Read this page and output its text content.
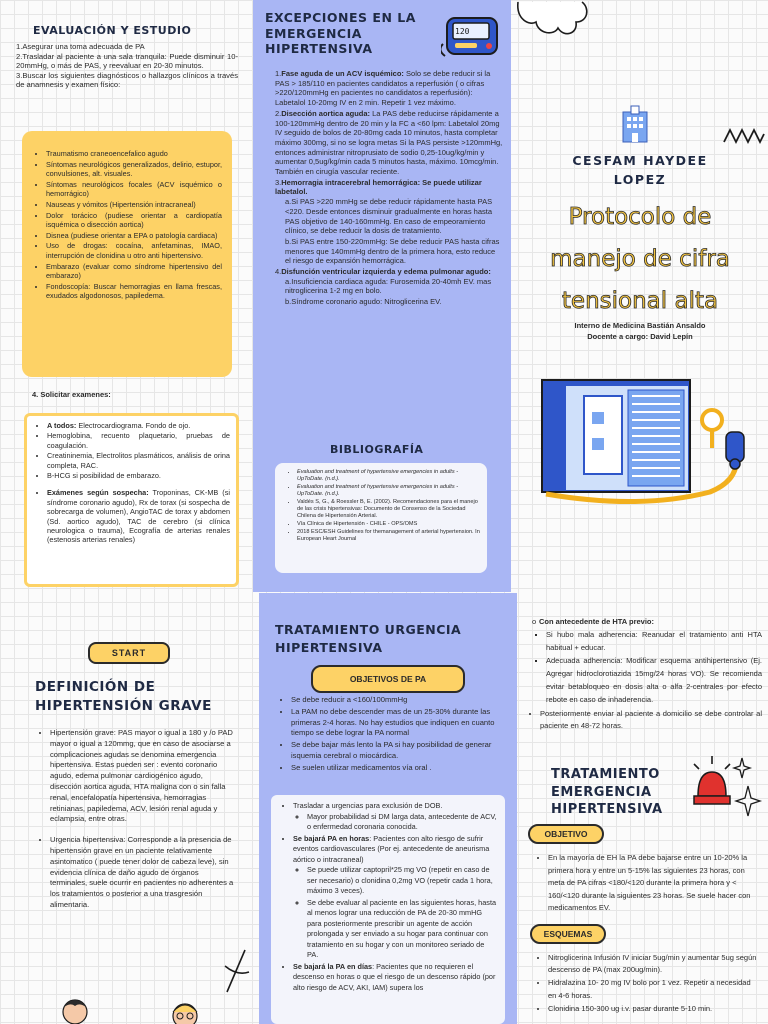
EVALUACIÓN Y ESTUDIO
1.Asegurar una toma adecuada de PA
2.Trasladar al paciente a una sala tranquila: Puede disminuir 10-20mmHg, o más de PAS, y reevaluar en 20-30 minutos.
3.Buscar los siguientes diagnósticos o hallazgos clínicos a través de anamnesis y examen físico:
• Traumatismo craneoencefalico agudo
• Síntomas neurológicos generalizados, delirio, estupor, convulsiones, alt. visuales.
• Síntomas neurológicos focales (ACV isquémico o hemorrágico)
• Nauseas y vómitos (Hipertensión intracraneal)
• Dolor torácico (pudiese orientar a cardiopatía isquémica o disección aortica)
• Disnea (pudiese orientar a EPA o patología cardiaca)
• Uso de drogas: cocaína, anfetaminas, IMAO, interrupción de clonidina u otro anti hipertensivo.
• Embarazo (evaluar como síndrome hipertensivo del embarazo)
• Fondoscopía: Buscar hemorragias en llama frescas, exudados algodonosos, papiledema.
4. Solicitar examenes:
• A todos: Electrocardiograma. Fondo de ojo.
• Hemoglobina, recuento plaquetario, pruebas de coagulación.
• Creatininemia, Electrolitos plasmáticos, análisis de orina completa, RAC.
• B-HCG si posibilidad de embarazo.
• Exámenes según sospecha: Troponinas, CK-MB (si síndrome coronario agudo), Rx de torax (si sospecha de sobrecarga de volumen), AngioTAC de torax y abdomen (Sd. aortico agudo), TAC de cerebro (si clínica neurologica o trauma), Ecografía de arterias renales (estenosis arterias renales)
EXCEPCIONES EN LA EMERGENCIA HIPERTENSIVA
120
1.Fase aguda de un ACV isquémico: Solo se debe reducir si la PAS > 185/110 en pacientes candidatos a reperfusión ( o cifras >220/120mmHg en pacientes no candidatos a reperfusión): Labetalol 10-20mg IV en 2 min. Repetir 1 vez máximo.
2.Disección aortica aguda: La PAS debe reducirse rápidamente a 100-120mmHg dentro de 20 min y la FC a <60 lpm: Labetalol 20mg IV seguido de bolos de 20-80mg cada 10 minutos, hasta completar máximo 300mg, si no se logra metas Si la PAS persiste >120mmHg, entonces administrar nitroprusiato de sodio 0,25-10ug/kg/min y aumentar 0,5ug/kg/min cada 5 minutos hasta, máximo. 10mcg/min. También en cirugía vascular reciente.
3.Hemorragia intracerebral hemorrágica: Se puede utilizar labetalol.
a.Si PAS >220 mmHg se debe reducir rápidamente hasta PAS <220. Desde entonces disminuir gradualmente en horas hasta PAS objetivo de 140-160mmHg. En caso de empeoramiento clínico, se debe reducir la dosis de tratamiento.
b.Si PAS entre 150-220mmHg: Se debe reducir PAS hasta cifras menores que 140mmHg dentro de la primera hora, esto reduce el riesgo de expansión hemorrágica.
4.Disfunción ventricular izquierda y edema pulmonar agudo:
a.Insuficiencia cardiaca aguda: Furosemida 20-40mh EV. mas nitroglicerina 1-2 mg en bolo.
b.Síndrome coronario agudo: Nitroglicerina EV.
BIBLIOGRAFÍA
• Evaluation and treatment of hypertensive emergencies in adults - UpToDate. (n.d.).
• Evaluation and treatment of hypertensive emergencies in adults - UpToDate. (n.d.).
• Valdés S, G., & Roessler B, E. (2002). Recomendaciones para el manejo de las crisis hipertensivas: Documento de Consenso de la Sociedad Chilena de Hipertensión Arterial.
• Vía Clínica de Hipertensión - CHILE - OPS/OMS
• 2018 ESC/ESH Guidelines for themanagement of arterial hypertension. In European Heart Journal
CESFAM HAYDEE LOPEZ
Protocolo de
manejo de cifra
tensional alta
Interno de Medicina Bastián Ansaldo
Docente a cargo: David Lepín
START
DEFINICIÓN DE HIPERTENSIÓN GRAVE
• Hipertensión grave: PAS mayor o igual a 180 y /o PAD mayor o igual a 120mmg, que en caso de asociarse a complicaciones agudas se denomina emergencia hipertensiva. Estas pueden ser : evento coronario agudo, edema pulmonar cardiogénico agudo, disección aortica aguda, HTA maligna con o sin falla renal, encefalopatía hipertensiva, hemorragias retinianas, papiledema, ACV, lesión renal aguda y eclampsia, entre otras.
• Urgencia hipertensiva: Corresponde a la presencia de hipertensión grave en un paciente relativamente asintomatico ( puede tener dolor de cabeza leve), sin evidencia clínica de daño agudo de órganos terminales, suele ocurrir en pacientes no adherentes a los tratamientos o posterior a una trasgresión alimentaria.
TRATAMIENTO URGENCIA HIPERTENSIVA
OBJETIVOS DE PA
• Se debe reducir a <160/100mmHg
• La PAM no debe descender mas de un 25-30% durante las primeras 2-4 horas. No hay estudios que indiquen en cuanto tiempo se debe lograr la PA normal
• Se debe bajar más lento la PA si hay posibilidad de generar isquemia cerebral o miocárdica.
• Se suelen utilizar medicamentos vía oral .
• Trasladar a urgencias para exclusión de DOB.
◦ Mayor probabilidad si DM larga data, antecedente de ACV, o enfermedad coronaria conocida.
• Se bajará PA en horas: Pacientes con alto riesgo de sufrir eventos cardiovasculares (Por ej. antecedente de aneurisma aórtico o intracraneal)
◦ Se puede utilizar captopril*25 mg VO (repetir en caso de ser necesario) o clonidina 0,2mg VO (repetir cada 1 hora, máximo 3 veces).
◦ Se debe evaluar al paciente en las siguientes horas, hasta al menos lograr una reducción de PA de 20-30 mmHG para posteriormente prescribir un agente de acción prolongada y ser enviado a su hogar para continuar con tratamiento en su hogar y con un monitoreo seriado de PA.
• Se bajará la PA en días: Pacientes que no requieren el descenso en horas o que el riesgo de un descenso rápido (por alto riesgo de ACV, AKI, IAM) supera los
o Con antecedente de HTA previo:
▪ Si hubo mala adherencia: Reanudar el tratamiento anti HTA habitual + educar.
▪ Adecuada adherencia: Modificar esquema antihipertensivo (Ej. Agregar hidroclorotiazida 15mg/24 horas VO). Se recomienda evitar betabloqueo en dosis alta o alfa 2-centrales por efecto rebote en caso de inhaderencia.
• Posteriormente enviar al paciente a domicilio se debe controlar al paciente en 48-72 horas.
TRATAMIENTO EMERGENCIA HIPERTENSIVA
OBJETIVO
• En la mayoría de EH la PA debe bajarse entre un 10-20% la primera hora y entre un 5-15% las siguientes 23 horas, con meta de PA cifras <180/<120 durante la primera hora y < 160/<120 durante la siguientes 23 horas. Se suele hacer con medicamentos EV.
ESQUEMAS
• Nitroglicerina Infusión IV iniciar 5ug/min y aumentar 5ug según descenso de PA (max 200ug/min).
• Hidralazina 10- 20 mg IV bolo por 1 vez. Repetir a necesidad en 4-6 horas.
• Clonidina 150-300 ug i.v. pasar durante 5-10 min.
